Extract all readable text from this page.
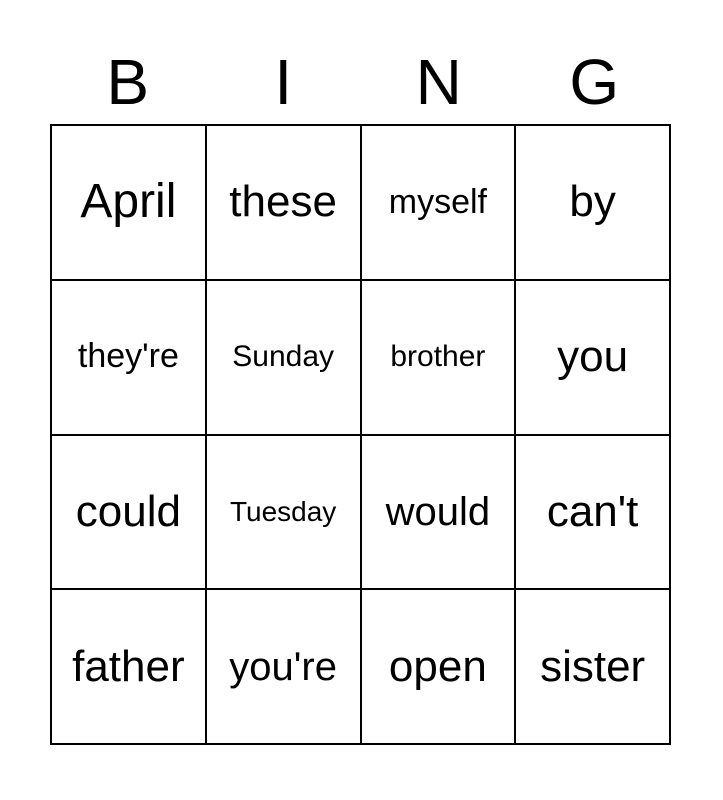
B	I	N	G
April these myself by
they're Sunday brother you
could Tuesday would can't
father you're open sister
